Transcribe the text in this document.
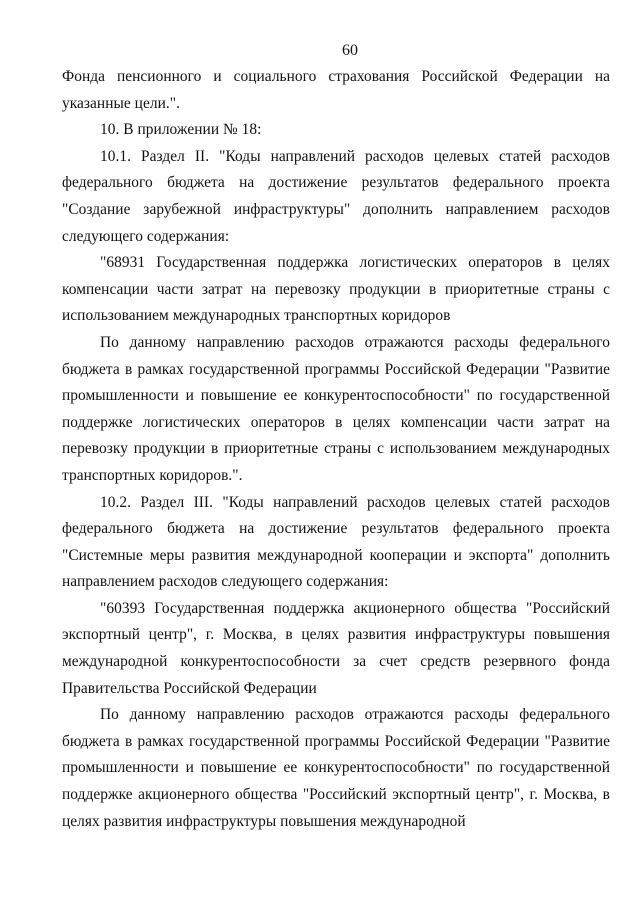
60

Фонда пенсионного и социального страхования Российской Федерации на указанные цели.".

10. В приложении № 18:

10.1. Раздел II. "Коды направлений расходов целевых статей расходов федерального бюджета на достижение результатов федерального проекта "Создание зарубежной инфраструктуры" дополнить направлением расходов следующего содержания:

"68931 Государственная поддержка логистических операторов в целях компенсации части затрат на перевозку продукции в приоритетные страны с использованием международных транспортных коридоров

По данному направлению расходов отражаются расходы федерального бюджета в рамках государственной программы Российской Федерации "Развитие промышленности и повышение ее конкурентоспособности" по государственной поддержке логистических операторов в целях компенсации части затрат на перевозку продукции в приоритетные страны с использованием международных транспортных коридоров.".

10.2. Раздел III. "Коды направлений расходов целевых статей расходов федерального бюджета на достижение результатов федерального проекта "Системные меры развития международной кооперации и экспорта" дополнить направлением расходов следующего содержания:

"60393 Государственная поддержка акционерного общества "Российский экспортный центр", г. Москва, в целях развития инфраструктуры повышения международной конкурентоспособности за счет средств резервного фонда Правительства Российской Федерации

По данному направлению расходов отражаются расходы федерального бюджета в рамках государственной программы Российской Федерации "Развитие промышленности и повышение ее конкурентоспособности" по государственной поддержке акционерного общества "Российский экспортный центр", г. Москва, в целях развития инфраструктуры повышения международной
